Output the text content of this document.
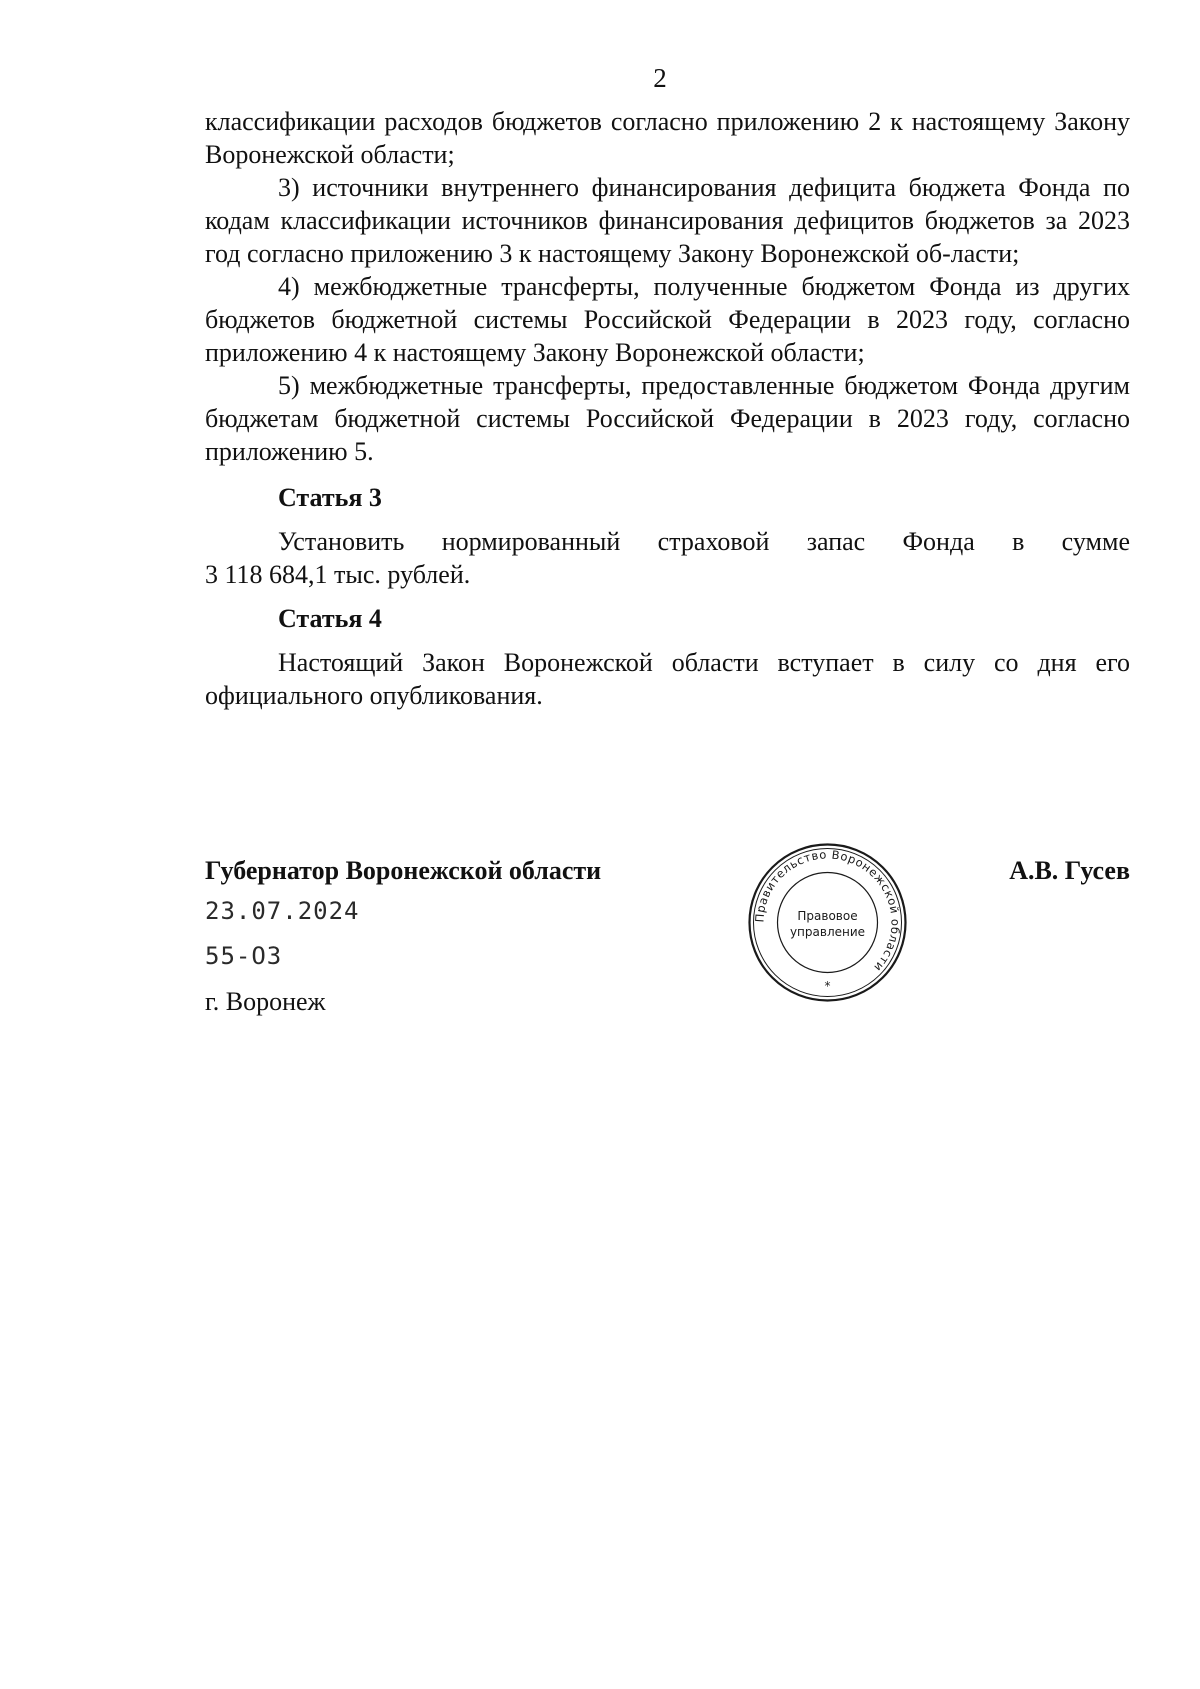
2

классификации расходов бюджетов согласно приложению 2 к настоящему Закону Воронежской области;

3) источники внутреннего финансирования дефицита бюджета Фонда по кодам классификации источников финансирования дефицитов бюджетов за 2023 год согласно приложению 3 к настоящему Закону Воронежской об-ласти;

4) межбюджетные трансферты, полученные бюджетом Фонда из других бюджетов бюджетной системы Российской Федерации в 2023 году, согласно приложению 4 к настоящему Закону Воронежской области;

5) межбюджетные трансферты, предоставленные бюджетом Фонда другим бюджетам бюджетной системы Российской Федерации в 2023 году, согласно приложению 5.

Статья 3

Установить нормированный страховой запас Фонда в сумме

3 118 684,1 тыс. рублей.

Статья 4

Настоящий Закон Воронежской области вступает в силу со дня его официального опубликования.

Губернатор Воронежской области	А.В. Гусев
23.07.2024
55-ОЗ
г. Воронеж
Правительство Воронежской области
Правовое
управление
*
